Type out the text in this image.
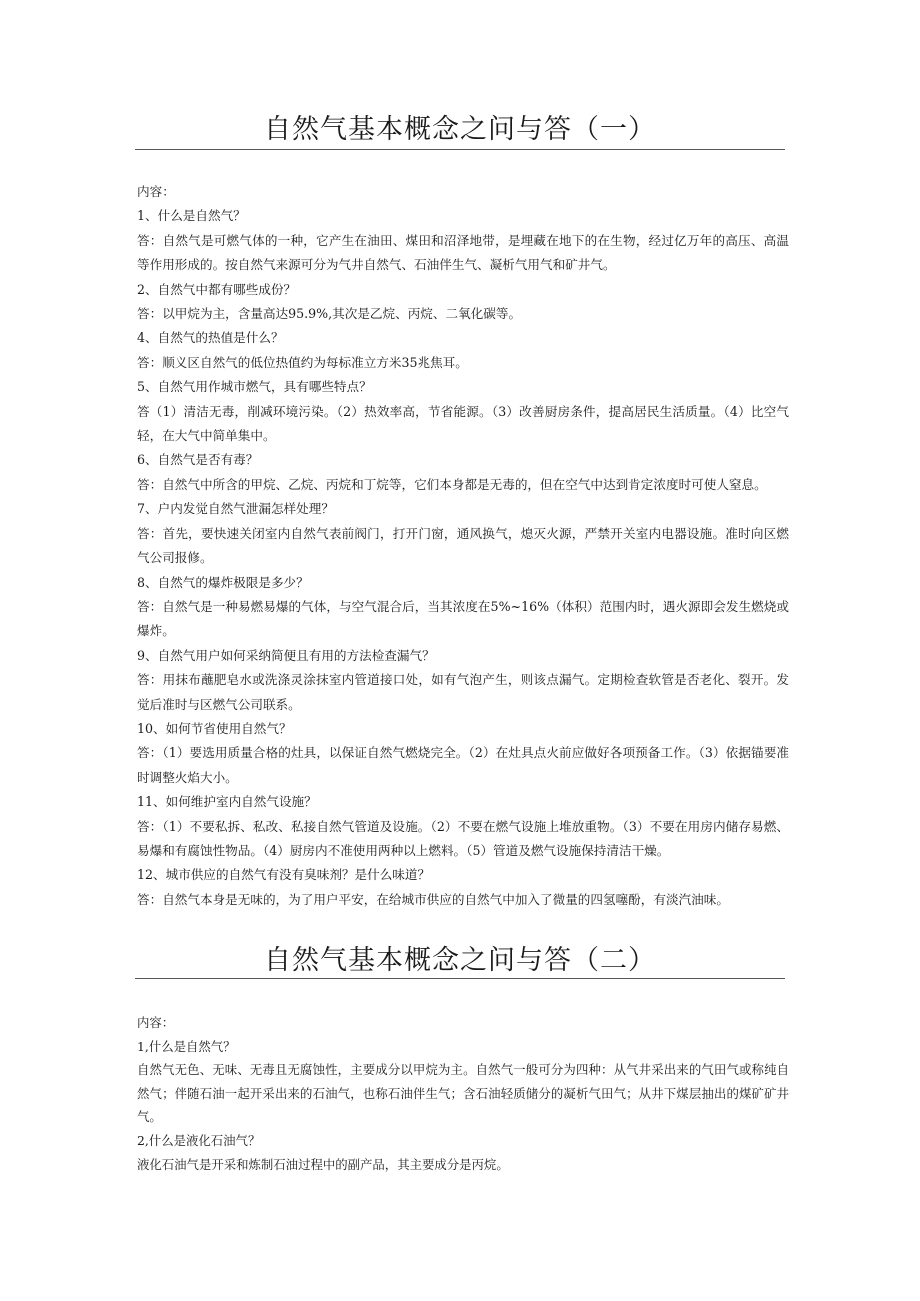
自然气基本概念之问与答（一）

内容：

1、什么是自然气？

答：自然气是可燃气体的一种，它产生在油田、煤田和沼泽地带，是埋藏在地下的在生物，经过亿万年的高压、高温等作用形成的。按自然气来源可分为气井自然气、石油伴生气、凝析气用气和矿井气。

2、自然气中都有哪些成份？

答：以甲烷为主，含量高达95.9%,其次是乙烷、丙烷、二氧化碳等。

4、自然气的热值是什么？

答：顺义区自然气的低位热值约为每标准立方米35兆焦耳。

5、自然气用作城市燃气，具有哪些特点？

答（1）清洁无毒，削减环境污染。（2）热效率高，节省能源。（3）改善厨房条件，提高居民生活质量。（4）比空气轻，在大气中简单集中。

6、自然气是否有毒？

答：自然气中所含的甲烷、乙烷、丙烷和丁烷等，它们本身都是无毒的，但在空气中达到肯定浓度时可使人窒息。

7、户内发觉自然气泄漏怎样处理？

答：首先，要快速关闭室内自然气表前阀门，打开门窗，通风换气，熄灭火源，严禁开关室内电器设施。准时向区燃气公司报修。

8、自然气的爆炸极限是多少？

答：自然气是一种易燃易爆的气体，与空气混合后，当其浓度在5%~16%（体积）范围内时，遇火源即会发生燃烧或爆炸。

9、自然气用户如何采纳简便且有用的方法检查漏气？

答：用抹布蘸肥皂水或洗涤灵涂抹室内管道接口处，如有气泡产生，则该点漏气。定期检查软管是否老化、裂开。发觉后准时与区燃气公司联系。

10、如何节省使用自然气？

答：（1）要选用质量合格的灶具，以保证自然气燃烧完全。（2）在灶具点火前应做好各项预备工作。（3）依据锚要准时调整火焰大小。

11、如何维护室内自然气设施？

答：（1）不要私拆、私改、私接自然气管道及设施。（2）不要在燃气设施上堆放重物。（3）不要在用房内储存易燃、易爆和有腐蚀性物品。（4）厨房内不准使用两种以上燃料。（5）管道及燃气设施保持清洁干燥。

12、城市供应的自然气有没有臭味剂？是什么味道？

答：自然气本身是无味的，为了用户平安，在给城市供应的自然气中加入了微量的四氢噻酚，有淡汽油味。

自然气基本概念之问与答（二）

内容：

1,什么是自然气？

自然气无色、无味、无毒且无腐蚀性，主要成分以甲烷为主。自然气一般可分为四种：从气井采出来的气田气或称纯自然气；伴随石油一起开采出来的石油气，也称石油伴生气；含石油轻质储分的凝析气田气；从井下煤层抽出的煤矿矿井气。

2,什么是液化石油气？

液化石油气是开采和炼制石油过程中的副产品，其主要成分是丙烷。
